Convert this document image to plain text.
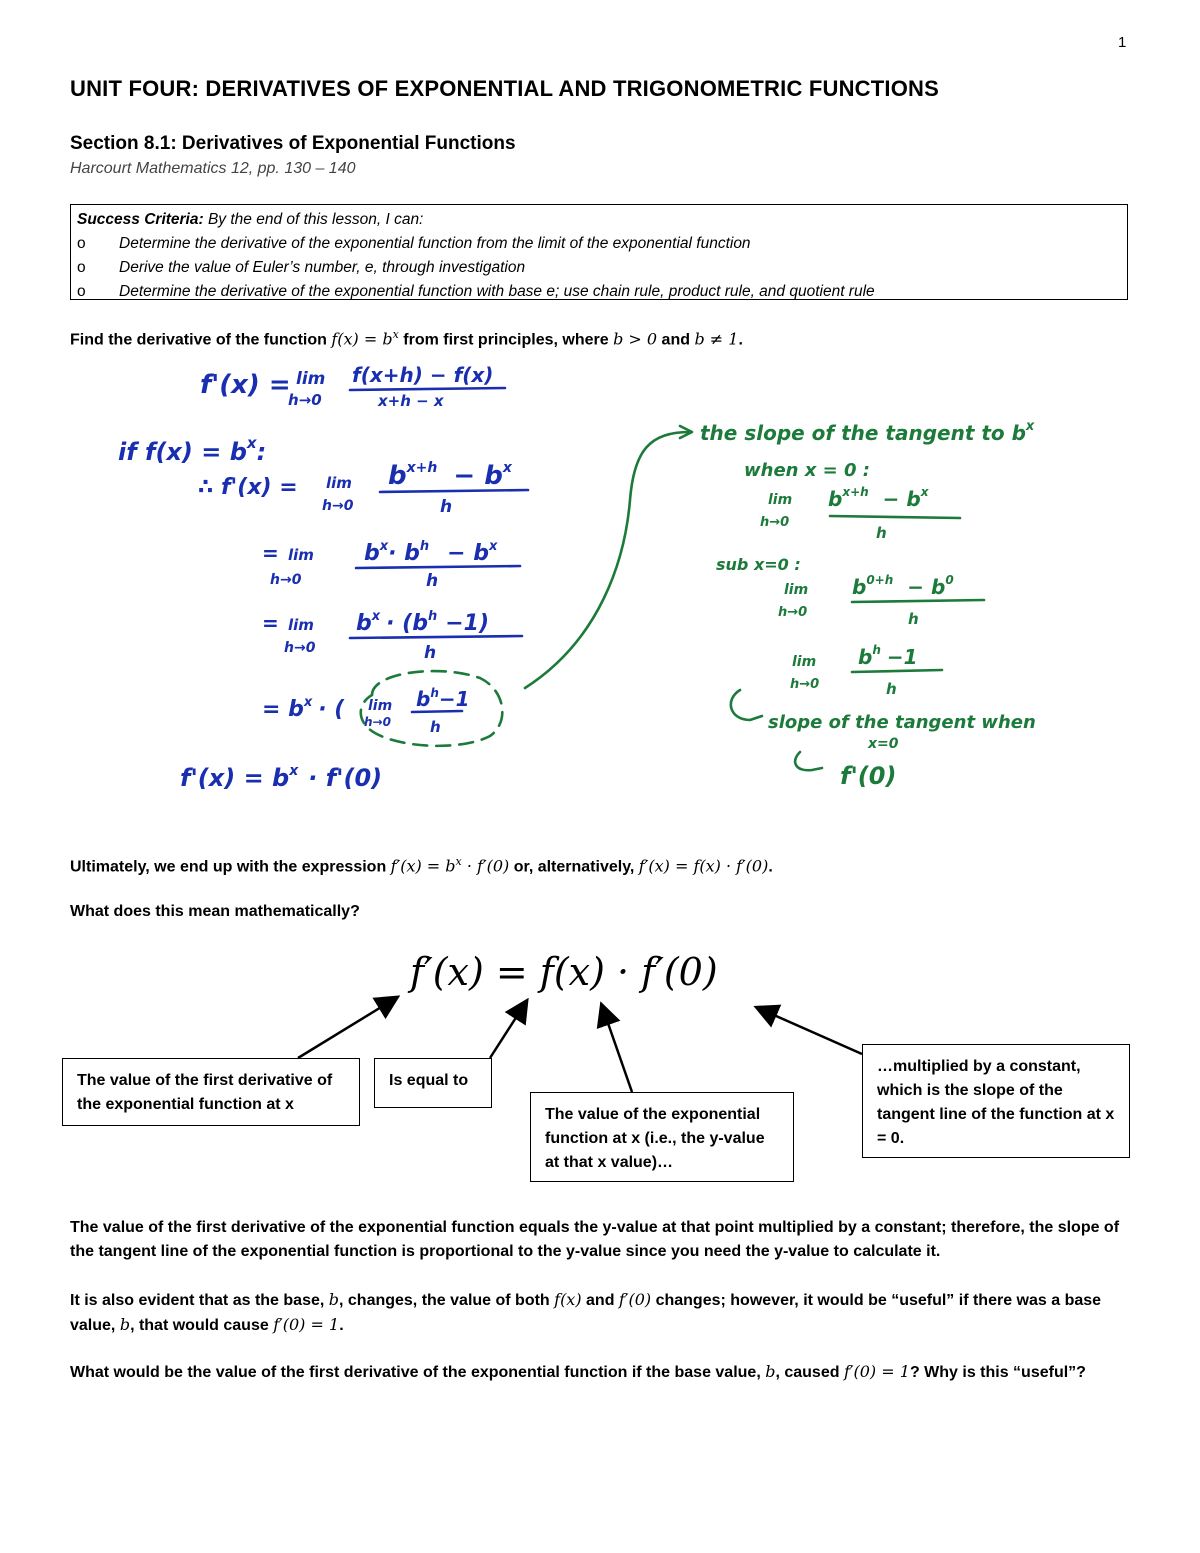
1
UNIT FOUR: DERIVATIVES OF EXPONENTIAL AND TRIGONOMETRIC FUNCTIONS
Section 8.1: Derivatives of Exponential Functions
Harcourt Mathematics 12, pp. 130 – 140
Success Criteria: By the end of this lesson, I can:
o	Determine the derivative of the exponential function from the limit of the exponential function
o	Derive the value of Euler’s number, e, through investigation
o	Determine the derivative of the exponential function with base e; use chain rule, product rule, and quotient rule
Find the derivative of the function $f(x) = b^x$ from first principles, where b > 0 and b ≠ 1.
f'(x) = lim
h→0
f(x+h) − f(x)
x+h − x
if $f(x) = b^x$:
∴ f'(x) = lim
h→0
$b^{x+h} - b^x$
h
= lim
h→0
$b^x\cdot b^h - b^x$
h
= lim
h→0
$b^x \cdot (b^h -1)$
h
= $b^x$ · ( lim
h→0
$b^h-1$
h
$f'(x) = b^x \cdot f'(0)$
the slope of the tangent to $b^x$
when x = 0 :
lim
h→0
$b^{x+h} - b^x$
h
sub x=0 :
lim
h→0
$b^{0+h} - b^0$
h
lim
h→0
$b^h -1$
h
slope of the tangent when
x=0
f'(0)
Ultimately, we end up with the expression $f'(x) = b^x \cdot f'(0)$ or, alternatively, f′(x) = f(x) · f′(0).
What does this mean mathematically?
f′(x) = f(x) · f′(0)
The value of the first derivative of the exponential function at x
Is equal to
The value of the exponential function at x (i.e., the y-value at that x value)…
…multiplied by a constant, which is the slope of the tangent line of the function at x = 0.
The value of the first derivative of the exponential function equals the y-value at that point multiplied by a constant; therefore, the slope of the tangent line of the exponential function is proportional to the y-value since you need the y-value to calculate it.
It is also evident that as the base, b, changes, the value of both f(x) and f′(0) changes; however, it would be “useful” if there was a base value, b, that would cause f′(0) = 1.
What would be the value of the first derivative of the exponential function if the base value, b, caused f′(0) = 1? Why is this “useful”?
